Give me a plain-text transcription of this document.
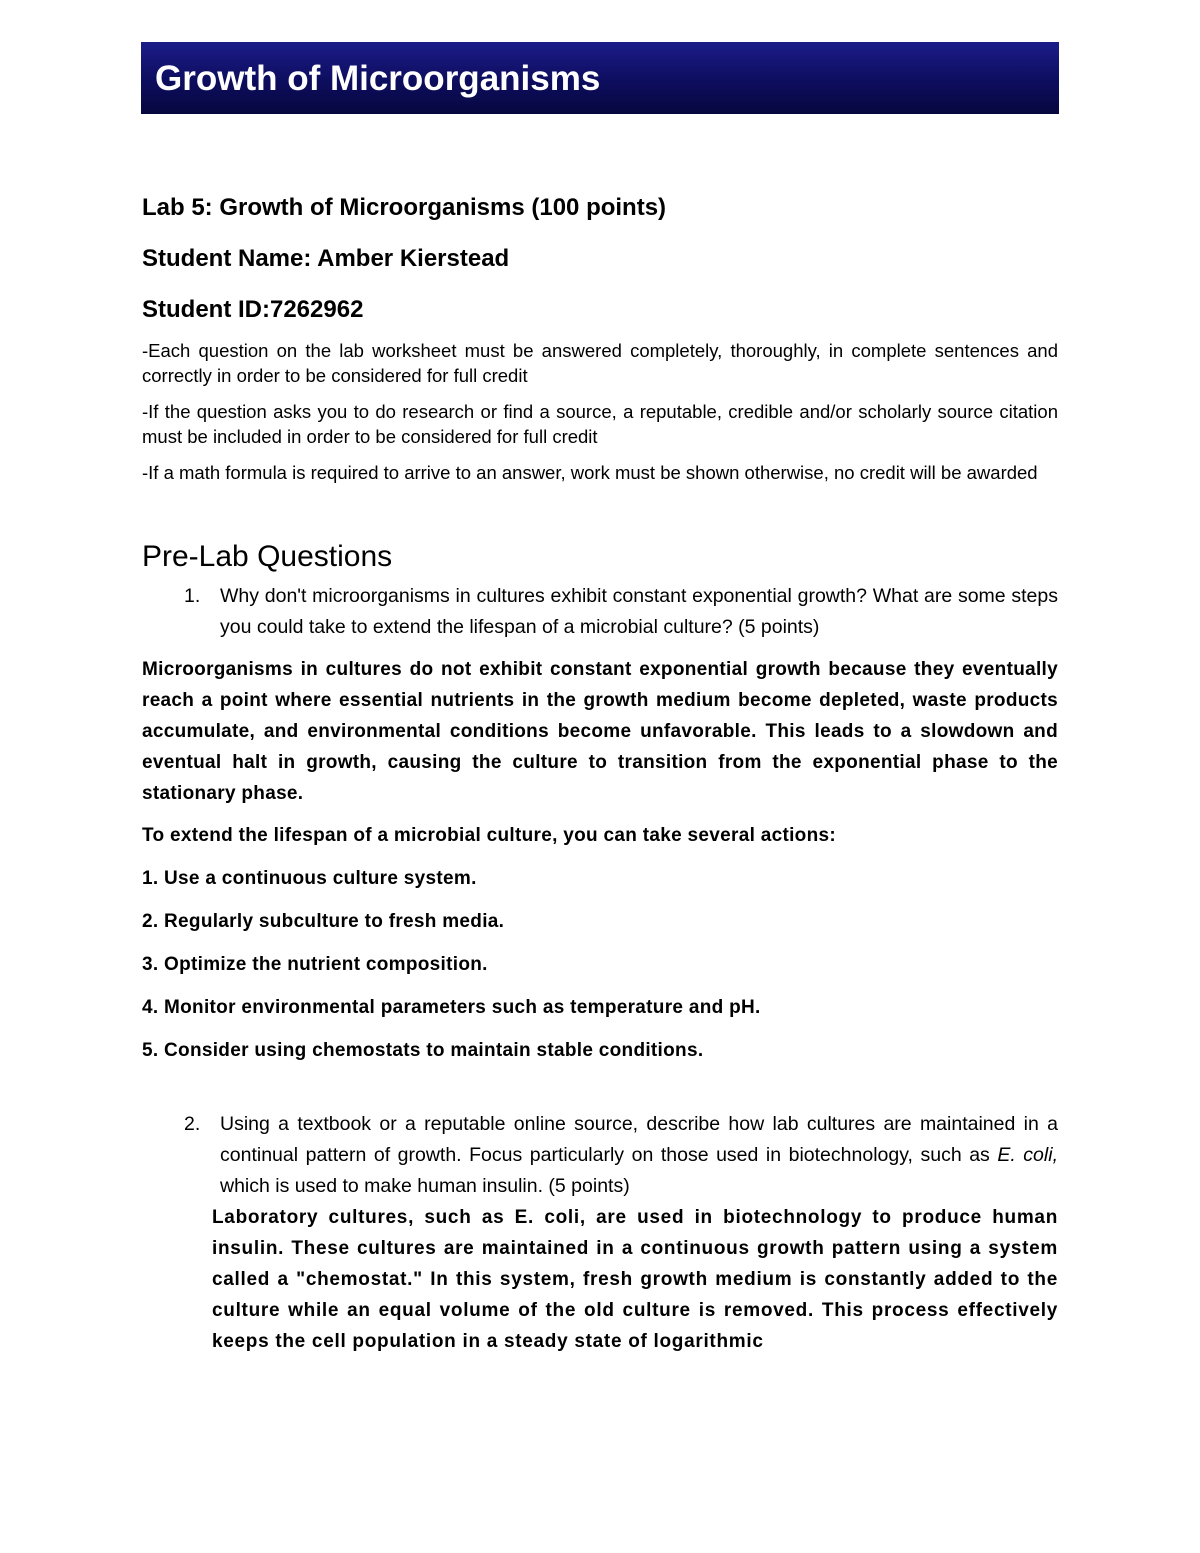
Growth of Microorganisms

Lab 5: Growth of Microorganisms (100 points)

Student Name: Amber Kierstead

Student ID:7262962

-Each question on the lab worksheet must be answered completely, thoroughly, in complete sentences and correctly in order to be considered for full credit

-If the question asks you to do research or find a source, a reputable, credible and/or scholarly source citation must be included in order to be considered for full credit

-If a math formula is required to arrive to an answer, work must be shown otherwise, no credit will be awarded

Pre-Lab Questions
1. Why don't microorganisms in cultures exhibit constant exponential growth? What are some steps you could take to extend the lifespan of a microbial culture? (5 points)

Microorganisms in cultures do not exhibit constant exponential growth because they eventually reach a point where essential nutrients in the growth medium become depleted, waste products accumulate, and environmental conditions become unfavorable. This leads to a slowdown and eventual halt in growth, causing the culture to transition from the exponential phase to the stationary phase.

To extend the lifespan of a microbial culture, you can take several actions:

1. Use a continuous culture system.

2. Regularly subculture to fresh media.

3. Optimize the nutrient composition.

4. Monitor environmental parameters such as temperature and pH.

5. Consider using chemostats to maintain stable conditions.

2. Using a textbook or a reputable online source, describe how lab cultures are maintained in a continual pattern of growth. Focus particularly on those used in biotechnology, such as E. coli, which is used to make human insulin. (5 points)

Laboratory cultures, such as E. coli, are used in biotechnology to produce human insulin. These cultures are maintained in a continuous growth pattern using a system called a "chemostat." In this system, fresh growth medium is constantly added to the culture while an equal volume of the old culture is removed. This process effectively keeps the cell population in a steady state of logarithmic
